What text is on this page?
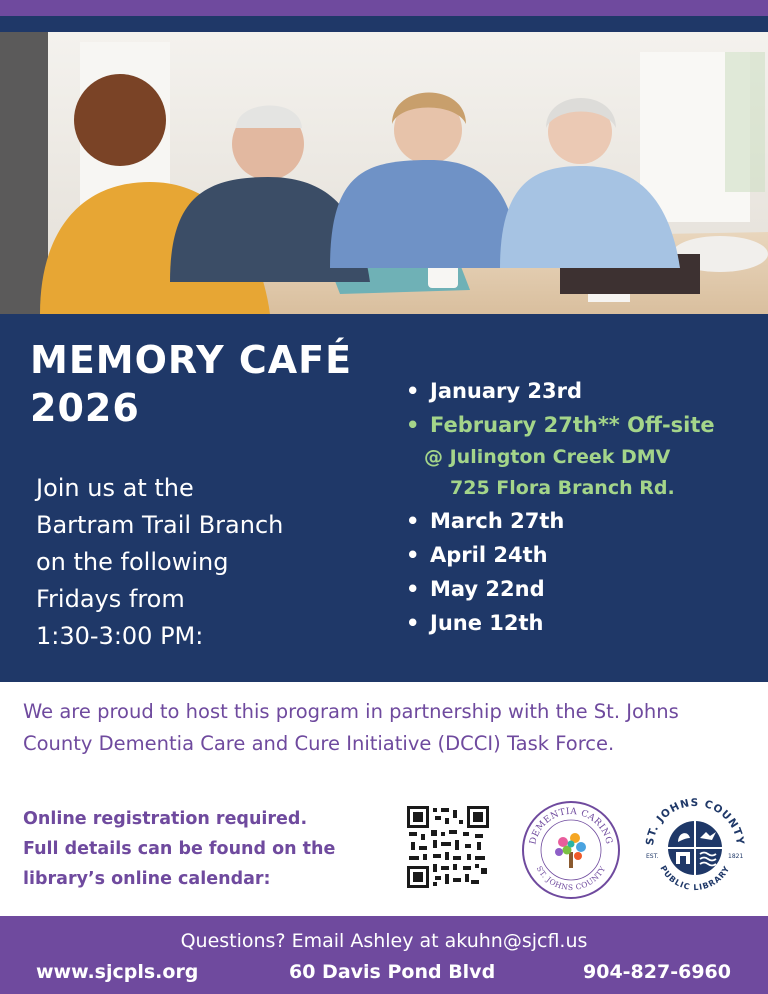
MEMORY CAFÉ
2026
Join us at the
Bartram Trail Branch
on the following
Fridays from
1:30-3:00 PM:
• January 23rd
• February 27th** Off-site
@ Julington Creek DMV
725 Flora Branch Rd.
• March 27th
• April 24th
• May 22nd
• June 12th

We are proud to host this program in partnership with the St. Johns
County Dementia Care and Cure Initiative (DCCI) Task Force.

Online registration required.
Full details can be found on the
library’s online calendar:

DEMENTIA CARING
ST. JOHNS COUNTY
ST. JOHNS COUNTY
PUBLIC LIBRARY
EST.	1821
Questions? Email Ashley at akuhn@sjcfl.us
www.sjcpls.org	60 Davis Pond Blvd	904-827-6960
